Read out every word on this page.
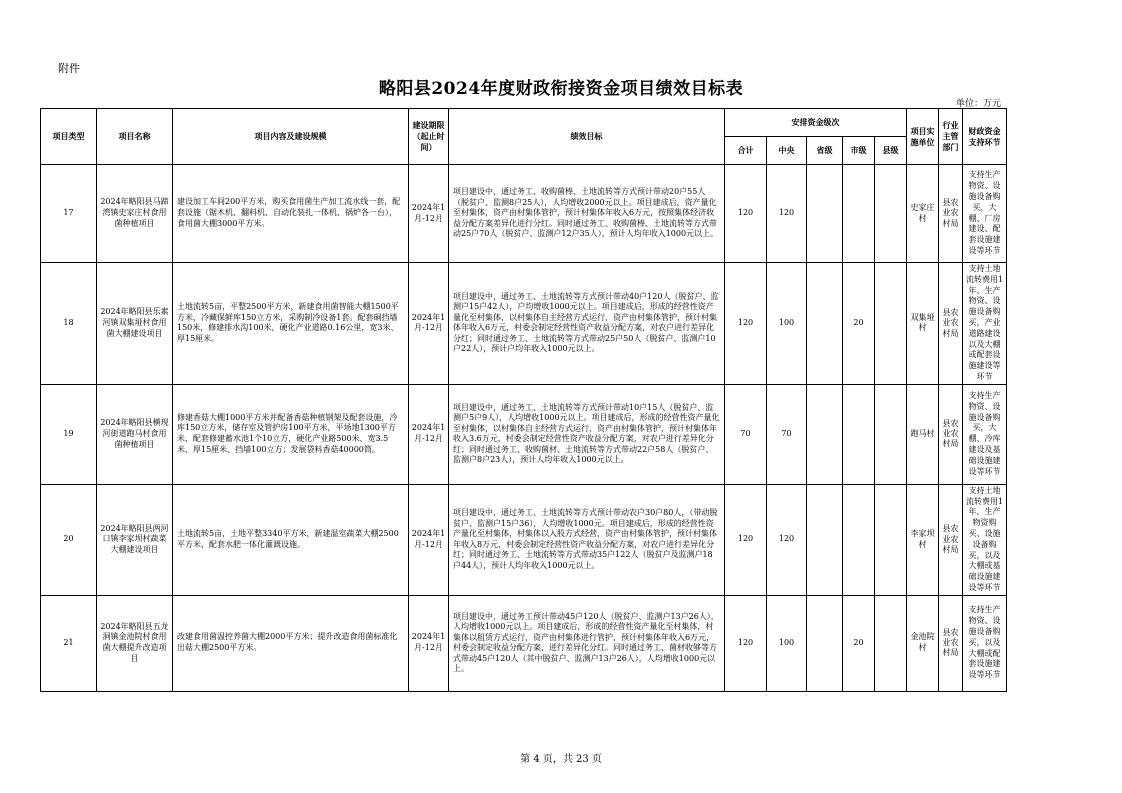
附件
略阳县2024年度财政衔接资金项目绩效目标表
单位：万元
项目类型	项目名称	项目内容及建设规模	建设期限（起止时间）	绩效目标	安排资金级次					项目实施单位	行业主管部门	财政资金支持环节
					合计	中央	省级	市级	县级			
17	2024年略阳县马蹄湾镇史家庄村食用菌种植项目	建设加工车间200平方米，购买食用菌生产加工流水线一套，配套设施（锯木机、翻料机、自动化装扎一体机、锅炉各一台），食用菌大棚3000平方米。	2024年1月-12月	项目建设中，通过务工、收购菌棒、土地流转等方式预计带动20户55人（脱贫户、监测8户25人），人均增收2000元以上。项目建成后，资产量化至村集体，资产由村集体管护，预计村集体年收入6万元，按照集体经济收益分配方案差异化进行分红。同时通过务工、收购菌棒、土地流转等方式带动25户70人（脱贫户、监测户12户35人），预计人均年收入1000元以上。	120	120				史家庄村	县农业农村局	支持生产物资、设施设备购买，大棚、厂房建设、配套设施建设等环节
18	2024年略阳县乐素河镇双集垭村食用菌大棚建设项目	土地流转5亩，平整2500平方米，新建食用菌智能大棚1500平方米，冷藏保鲜库150立方米，采购制冷设备1套。配套硐挡墙150米，修建排水沟100米，硬化产业道路0.16公里，宽3米、厚15厘米。	2024年1月-12月	项目建设中，通过务工、土地流转等方式预计带动40户120人（脱贫户、监测户15户42人），户均增收1000元以上。项目建成后，形成的经营性资产量化至村集体，以村集体自主经营方式运行，资产由村集体管护，预计村集体年收入6万元，村委会制定经营性资产收益分配方案，对农户进行差异化分红；同时通过务工、土地流转等方式带动25户50人（脱贫户、监测户10户22人），预计户均年收入1000元以上。	120	100		20		双集垭村	县农业农村局	支持土地流转费用1年、生产物资、设施设备购买，产业道路建设以及大棚或配套设施建设等环节
19	2024年略阳县横现河街道跑马村食用菌种植项目	修建香菇大棚1000平方米并配备香菇种植钢架及配套设施，冷库150立方米，储存室及管护房100平方米，平场地1300平方米，配套修建蓄水池1个10立方，硬化产业路500米、宽3.5米、厚15厘米、挡墙100立方；发展袋料香菇40000筒。	2024年1月-12月	项目建设中，通过务工、土地流转等方式预计带动10户15人（脱贫户、监测户5户9人），人均增收1000元以上。项目建成后，形成的经营性资产量化至村集体，以村集体自主经营方式运行，资产由村集体管护，预计村集体年收入3.6万元，村委会制定经营性资产收益分配方案，对农户进行差异化分红；同时通过务工、收购菌材、土地流转等方式带动22户58人（脱贫户、监测户8户23人），预计人均年收入1000元以上。	70	70				跑马村	县农业农村局	支持生产物资、设施设备购买，大棚、冷库建设及基础设施建设等环节
20	2024年略阳县两河口镇李家坝村蔬菜大棚建设项目	土地流转5亩，土地平整3340平方米，新建温室蔬菜大棚2500平方米，配套水肥一体化灌溉设施。	2024年1月-12月	项目建设中，通过务工、土地流转等方式预计带动农户30户80人，（带动脱贫户、监测户15户36），人均增收1000元。项目建成后，形成的经营性资产量化至村集体，村集体以入股方式经营，资产由村集体管护，预计村集体年收入8万元，村委会制定经营性资产收益分配方案，对农户进行差异化分红；同时通过务工、土地流转等方式带动35户122人（脱贫户及监测户18户44人），预计人均年收入1000元以上。	120	120				李家坝村	县农业农村局	支持土地流转费用1年，生产物资购买、设施设备购买，以及大棚或基础设施建设等环节
21	2024年略阳县五龙洞镇金池院村食用菌大棚提升改造项目	改建食用菌温控养菌大棚2000平方米；提升改造食用菌标准化出菇大棚2500平方米。	2024年1月-12月	项目建设中，通过务工预计带动45户120人（脱贫户、监测户13户26人），人均增收1000元以上。项目建成后，形成的经营性资产量化至村集体，村集体以租赁方式运行，资产由村集体进行管护，预计村集体年收入6万元，村委会制定收益分配方案，进行差异化分红。同时通过务工、菌材收够等方式带动45户120人（其中脱贫户、监测户13户26人），人均增收1000元以上。	120	100		20		金池院村	县农业农村局	支持生产物资、设施设备购买，以及大棚或配套设施建设等环节
第 4 页，共 23 页
